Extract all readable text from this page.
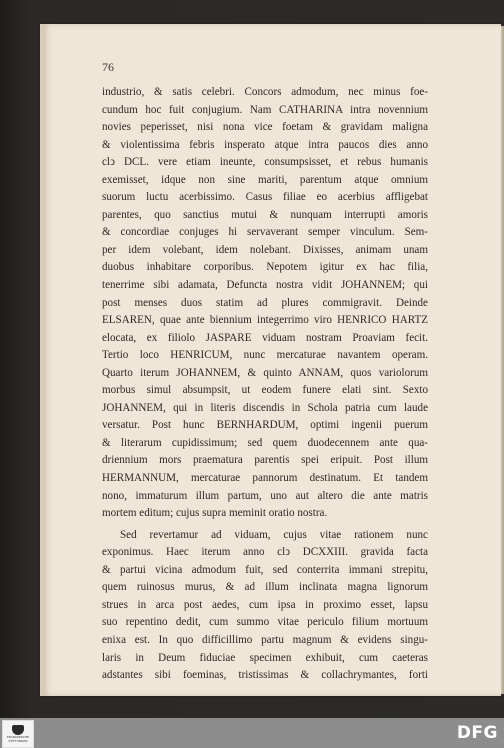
76
industrio, & satis celebri. Concors admodum, nec minus foe-
cundum hoc fuit conjugium. Nam CATHARINA intra novennium
novies peperisset, nisi nona vice foetam & gravidam maligna
& violentissima febris insperato atque intra paucos dies anno
clↄ DCL. vere etiam ineunte, consumpsisset, et rebus humanis
exemisset, idque non sine mariti, parentum atque omnium
suorum luctu acerbissimo. Casus filiae eo acerbius affligebat
parentes, quo sanctius mutui & nunquam interrupti amoris
& concordiae conjuges hi servaverant semper vinculum. Sem-
per idem volebant, idem nolebant. Dixisses, animam unam
duobus inhabitare corporibus. Nepotem igitur ex hac filia,
tenerrime sibi adamata, Defuncta nostra vidit JOHANNEM; qui
post menses duos statim ad plures commigravit. Deinde
ELSAREN, quae ante biennium integerrimo viro HENRICO HARTZ
elocata, ex filiolo JASPARE viduam nostram Proaviam fecit.
Tertio loco HENRICUM, nunc mercaturae navantem operam.
Quarto iterum JOHANNEM, & quinto ANNAM, quos variolorum
morbus simul absumpsit, ut eodem funere elati sint. Sexto
JOHANNEM, qui in literis discendis in Schola patria cum laude
versatur. Post hunc BERNHARDUM, optimi ingenii puerum
& literarum cupidissimum; sed quem duodecennem ante qua-
driennium mors praematura parentis spei eripuit. Post illum
HERMANNUM, mercaturae pannorum destinatum. Et tandem
nono, immaturum illum partum, uno aut altero die ante matris
mortem editum; cujus supra meminit oratio nostra.
Sed revertamur ad viduam, cujus vitae rationem nunc
exponimus. Haec iterum anno clↄ DCXXIII. gravida facta
& partui vicina admodum fuit, sed conterrita immani strepitu,
quem ruinosus murus, & ad illum inclinata magna lignorum
strues in arca post aedes, cum ipsa in proximo esset, lapsu
suo repentino dedit, cum summo vitae periculo filium mortuum
enixa est. In quo difficillimo partu magnum & evidens singu-
laris in Deum fiduciae specimen exhibuit, cum caeteras
adstantes sibi foeminas, tristissimas & collachrymantes, forti
FRANCKESCHE STIFTUNGEN	DFG
